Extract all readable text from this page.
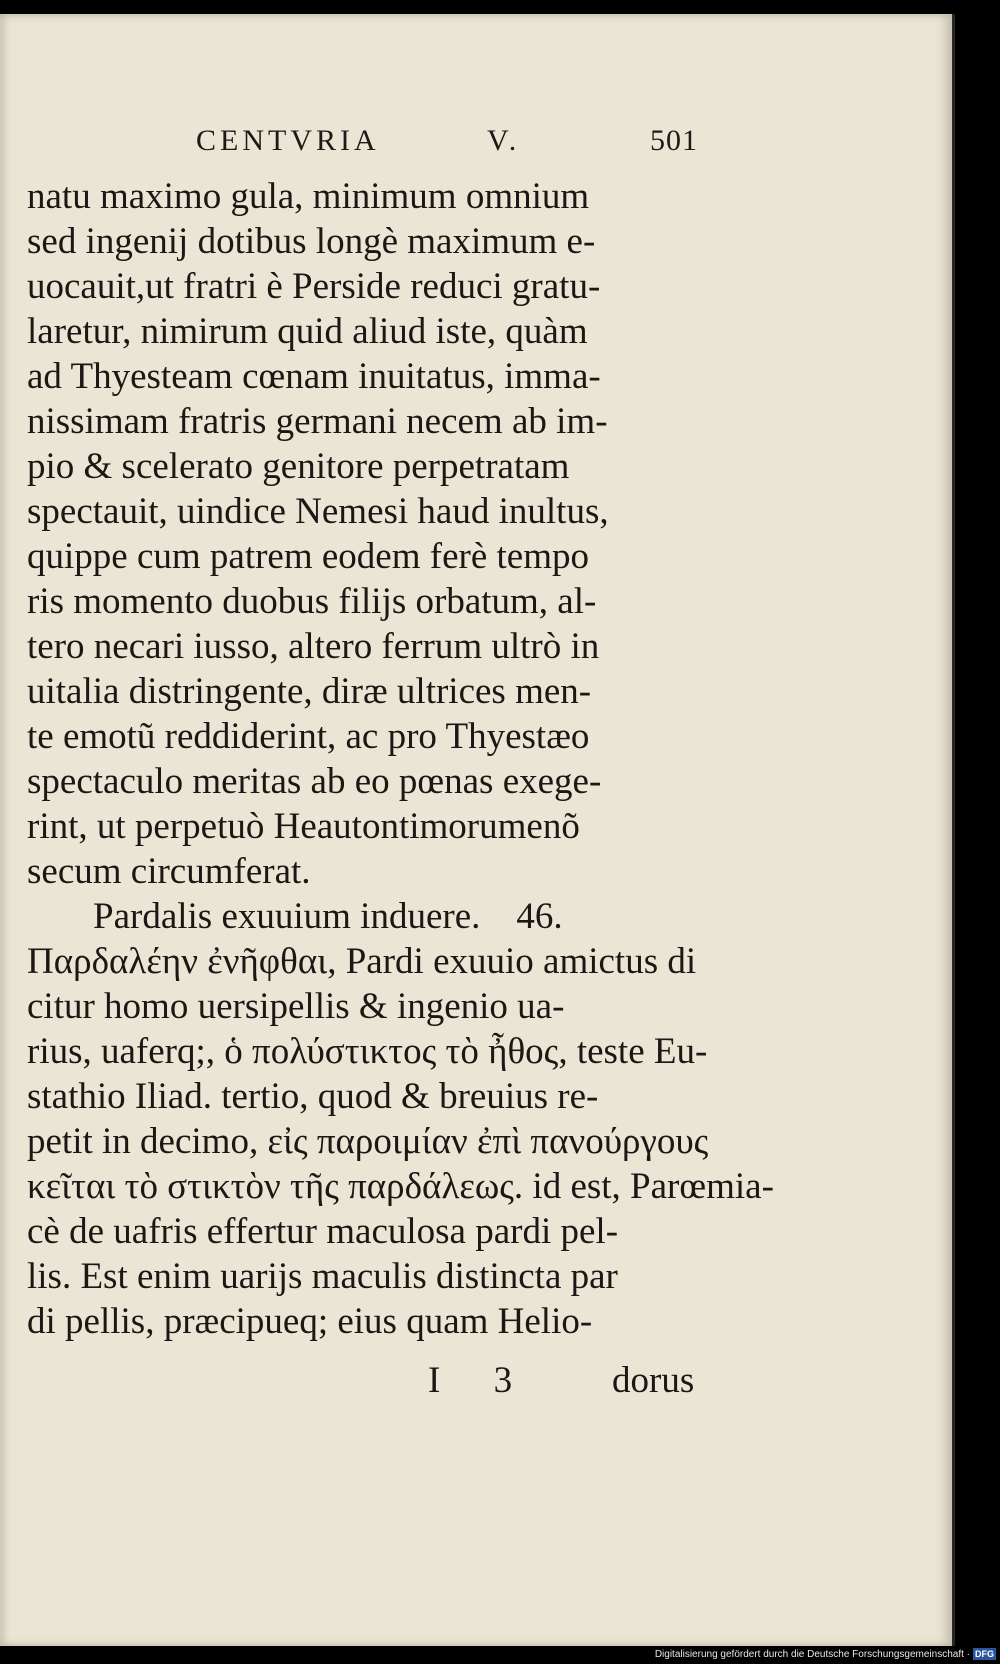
CENTVRIA	V.	501
natu maximo gula, minimum omnium
sed ingenij dotibus longè maximum e-
uocauit,ut fratri è Perside reduci gratu-
laretur, nimirum quid aliud iste, quàm
ad Thyesteam cœnam inuitatus, imma-
nissimam fratris germani necem ab im-
pio & scelerato genitore perpetratam
spectauit, uindice Nemesi haud inultus,
quippe cum patrem eodem ferè tempo
ris momento duobus filijs orbatum, al-
tero necari iusso, altero ferrum ultrò in
uitalia distringente, diræ ultrices men-
te emotũ reddiderint, ac pro Thyestæo
spectaculo meritas ab eo pœnas exege-
rint, ut perpetuò Heautontimorumenõ
secum circumferat.
Pardalis exuuium induere. 46.
Παρδαλέην ἐνῆφθαι, Pardi exuuio amictus di
citur homo uersipellis & ingenio ua-
rius, uaferq;, ὁ πολύστικτος τὸ ἦθος, teste Eu-
stathio Iliad. tertio, quod & breuius re-
petit in decimo, εἰς παροιμίαν ἐπὶ πανούργους
κεῖται τὸ στικτὸν τῆς παρδάλεως. id est, Parœmia-
cè de uafris effertur maculosa pardi pel-
lis. Est enim uarijs maculis distincta par
di pellis, præcipueq; eius quam Helio-
I 3 dorus
Digitalisierung gefördert durch die Deutsche Forschungsgemeinschaft · DFG
